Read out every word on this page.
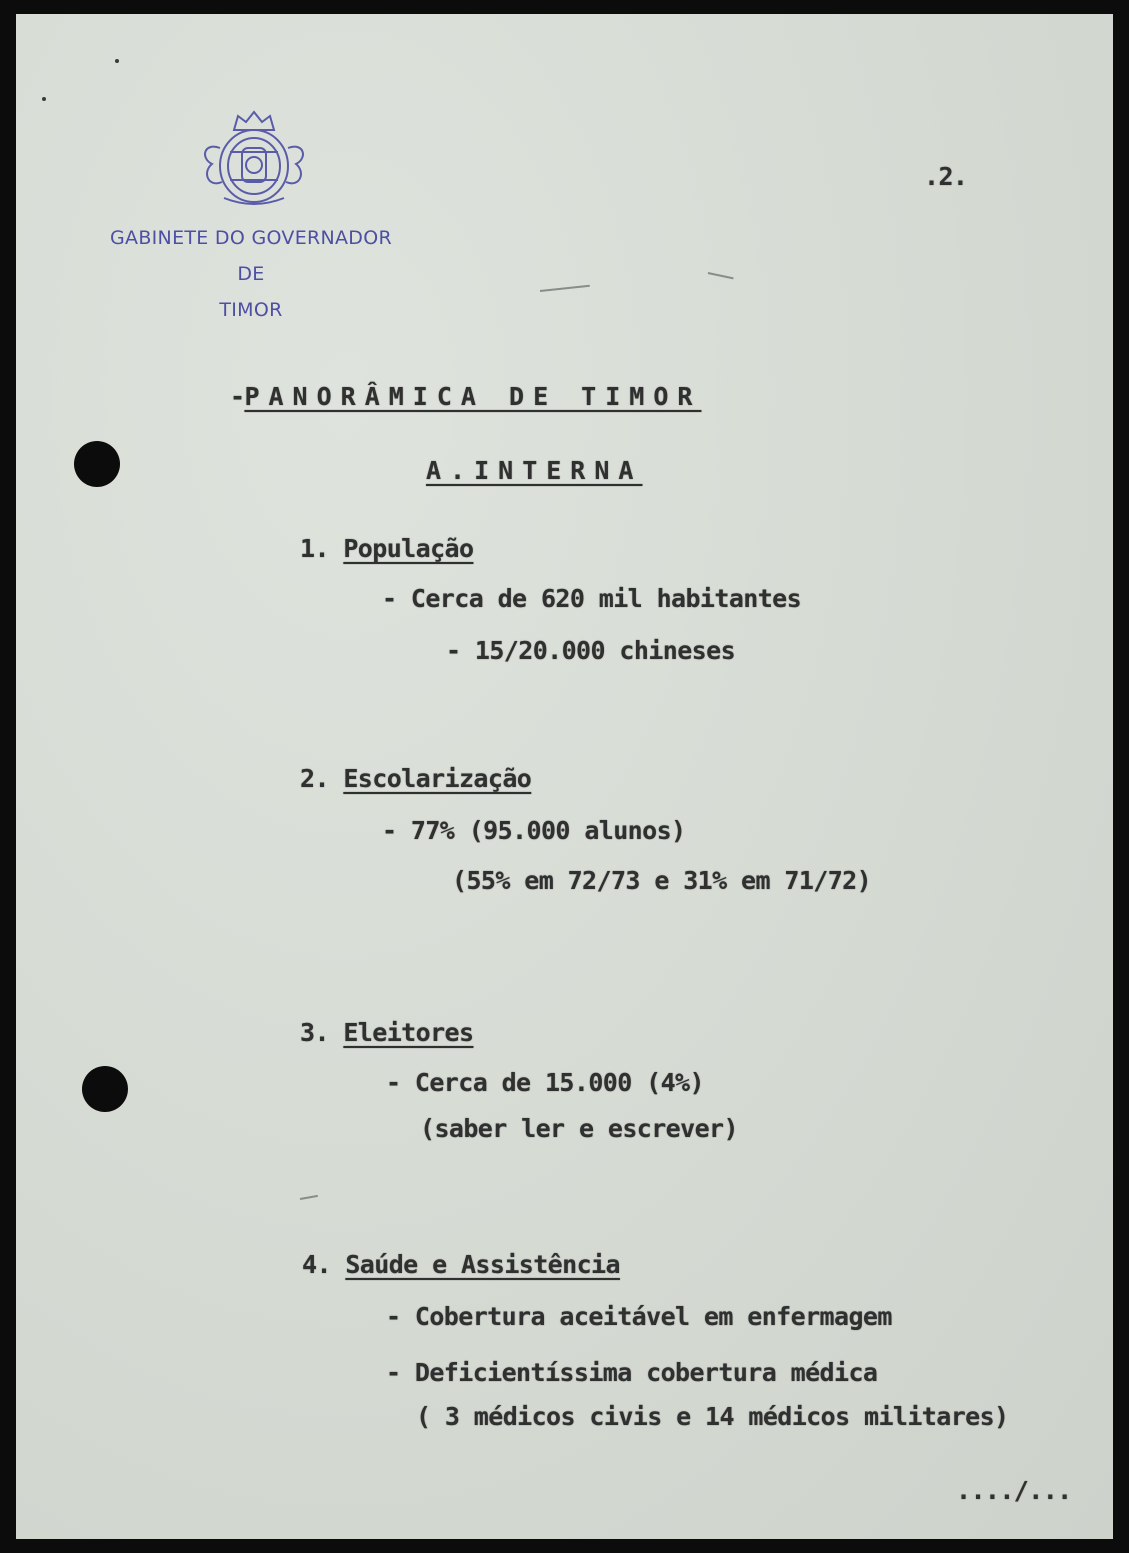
GABINETE DO GOVERNADOR
DE
TIMOR
.2.
-PANORÂMICA DE TIMOR
A.INTERNA
1. População
- Cerca de 620 mil habitantes
- 15/20.000 chineses
2. Escolarização
- 77% (95.000 alunos)
(55% em 72/73 e 31% em 71/72)
3. Eleitores
- Cerca de 15.000 (4%)
(saber ler e escrever)
4. Saúde e Assistência
- Cobertura aceitável em enfermagem
- Deficientíssima cobertura médica
( 3 médicos civis e 14 médicos militares)
..../...
